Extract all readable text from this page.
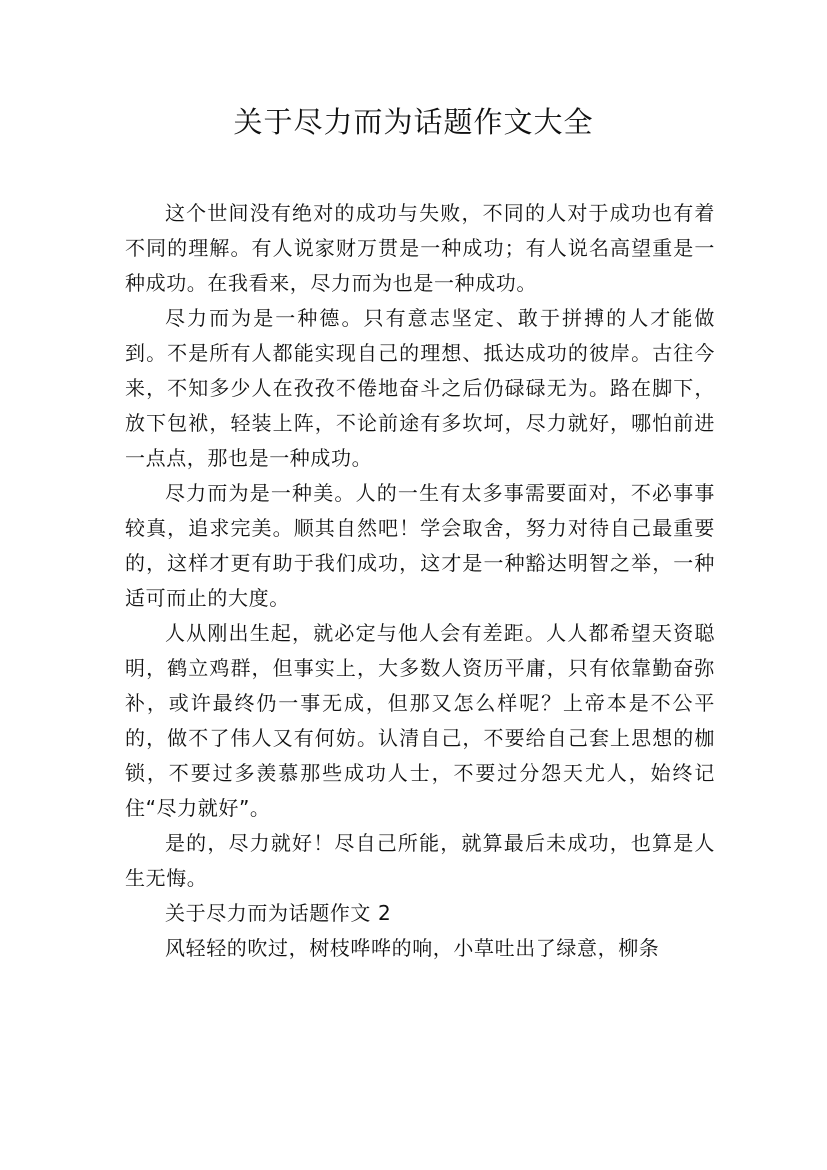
关于尽力而为话题作文大全

这个世间没有绝对的成功与失败，不同的人对于成功也有着不同的理解。有人说家财万贯是一种成功；有人说名高望重是一种成功。在我看来，尽力而为也是一种成功。

尽力而为是一种德。只有意志坚定、敢于拼搏的人才能做到。不是所有人都能实现自己的理想、抵达成功的彼岸。古往今来，不知多少人在孜孜不倦地奋斗之后仍碌碌无为。路在脚下，放下包袱，轻装上阵，不论前途有多坎坷，尽力就好，哪怕前进一点点，那也是一种成功。

尽力而为是一种美。人的一生有太多事需要面对，不必事事较真，追求完美。顺其自然吧！学会取舍，努力对待自己最重要的，这样才更有助于我们成功，这才是一种豁达明智之举，一种适可而止的大度。

人从刚出生起，就必定与他人会有差距。人人都希望天资聪明，鹤立鸡群，但事实上，大多数人资历平庸，只有依靠勤奋弥补，或许最终仍一事无成，但那又怎么样呢？上帝本是不公平的，做不了伟人又有何妨。认清自己，不要给自己套上思想的枷锁，不要过多羡慕那些成功人士，不要过分怨天尤人，始终记住“尽力就好”。

是的，尽力就好！尽自己所能，就算最后未成功，也算是人生无悔。

关于尽力而为话题作文 2

风轻轻的吹过，树枝哗哗的响，小草吐出了绿意，柳条
